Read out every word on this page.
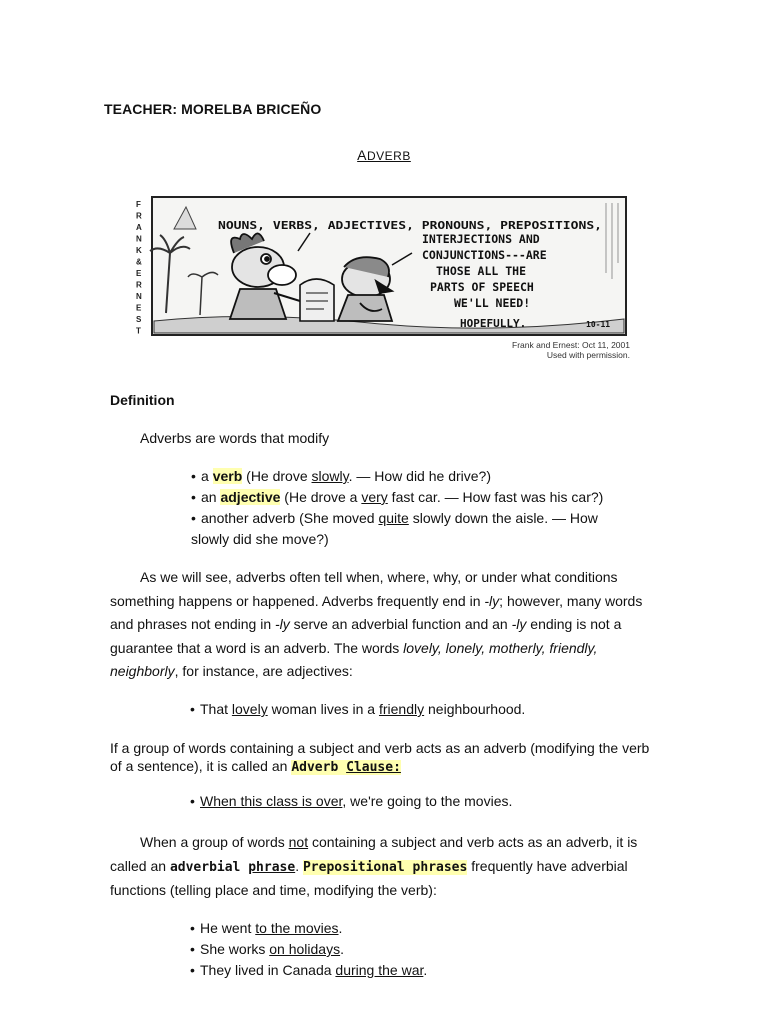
TEACHER: MORELBA BRICEÑO
ADVERB
F
R
A
N
K
&
E
R
N
E
S
T
NOUNS, VERBS, ADJECTIVES, PRONOUNS, PREPOSITIONS,
INTERJECTIONS AND
CONJUNCTIONS---ARE
THOSE ALL THE
PARTS OF SPEECH
WE'LL NEED!
HOPEFULLY.	10-11
Frank and Ernest: Oct 11, 2001
Used with permission.
Definition
Adverbs are words that modify
• a verb (He drove slowly. — How did he drive?)
• an adjective (He drove a very fast car. — How fast was his car?)
• another adverb (She moved quite slowly down the aisle. — How
slowly did she move?)
As we will see, adverbs often tell when, where, why, or under what conditions something happens or happened. Adverbs frequently end in -ly; however, many words and phrases not ending in -ly serve an adverbial function and an -ly ending is not a guarantee that a word is an adverb. The words lovely, lonely, motherly, friendly, neighborly, for instance, are adjectives:
• That lovely woman lives in a friendly neighbourhood.
If a group of words containing a subject and verb acts as an adverb (modifying the verb of a sentence), it is called an Adverb Clause:
• When this class is over, we're going to the movies.
When a group of words not containing a subject and verb acts as an adverb, it is called an adverbial phrase. Prepositional phrases frequently have adverbial functions (telling place and time, modifying the verb):
• He went to the movies.
• She works on holidays.
• They lived in Canada during the war.
